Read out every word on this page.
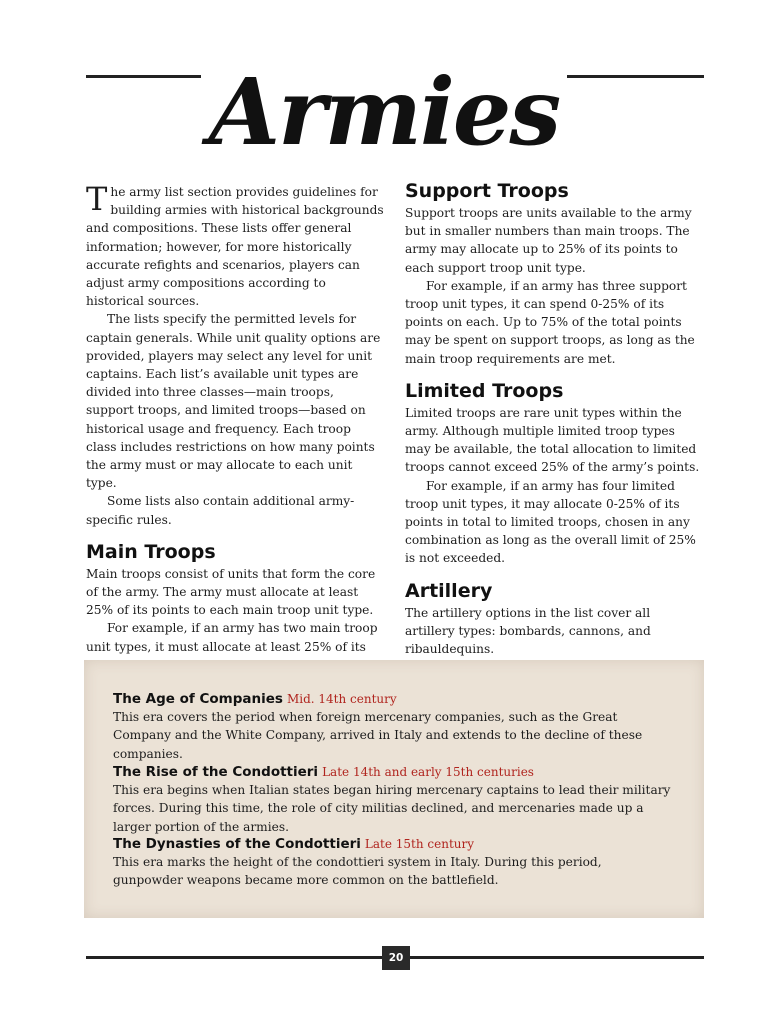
Armies

The army list section provides guidelines for building armies with historical backgrounds and compositions. These lists offer general information; however, for more historically accurate refights and scenarios, players can adjust army compositions according to historical sources.

The lists specify the permitted levels for captain generals. While unit quality options are provided, players may select any level for unit captains. Each list’s available unit types are divided into three classes—main troops, support troops, and limited troops—based on historical usage and frequency. Each troop class includes restrictions on how many points the army must or may allocate to each unit type.

Some lists also contain additional army-specific rules.

Main Troops

Main troops consist of units that form the core of the army. The army must allocate at least 25% of its points to each main troop unit type.

For example, if an army has two main troop unit types, it must allocate at least 25% of its

Support Troops

Support troops are units available to the army but in smaller numbers than main troops. The army may allocate up to 25% of its points to each support troop unit type.

For example, if an army has three support troop unit types, it can spend 0-25% of its points on each. Up to 75% of the total points may be spent on support troops, as long as the main troop requirements are met.

Limited Troops

Limited troops are rare unit types within the army. Although multiple limited troop types may be available, the total allocation to limited troops cannot exceed 25% of the army’s points.

For example, if an army has four limited troop unit types, it may allocate 0-25% of its points in total to limited troops, chosen in any combination as long as the overall limit of 25% is not exceeded.

Artillery

The artillery options in the list cover all artillery types: bombards, cannons, and ribauldequins.

The Age of Companies Mid. 14th century

This era covers the period when foreign mercenary companies, such as the Great Company and the White Company, arrived in Italy and extends to the decline of these companies.

The Rise of the Condottieri Late 14th and early 15th centuries

This era begins when Italian states began hiring mercenary captains to lead their military forces. During this time, the role of city militias declined, and mercenaries made up a larger portion of the armies.

The Dynasties of the Condottieri Late 15th century

This era marks the height of the condottieri system in Italy. During this period, gunpowder weapons became more common on the battlefield.

20
